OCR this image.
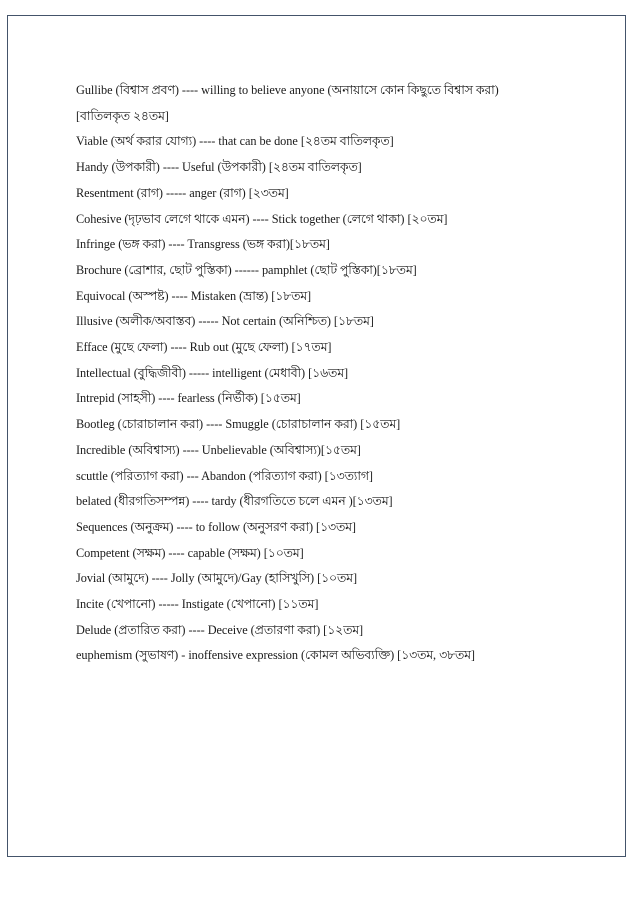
Gullibe (বিশ্বাস প্রবণ) ---- willing to believe anyone (অনায়াসে কোন কিছুতে বিশ্বাস করা)
[বাতিলকৃত ২৪তম]
Viable (অর্থ করার যোগ্য) ---- that can be done [২৪তম বাতিলকৃত]
Handy (উপকারী) ---- Useful (উপকারী) [২৪তম বাতিলকৃত]
Resentment (রাগ) ----- anger (রাগ) [২৩তম]
Cohesive (দৃঢ়ভাব লেগে থাকে এমন) ---- Stick together (লেগে থাকা) [২০তম]
Infringe (ভঙ্গ করা) ---- Transgress (ভঙ্গ করা)[১৮তম]
Brochure (ব্রোশার, ছোট পুস্তিকা) ------ pamphlet (ছোট পুস্তিকা)[১৮তম]
Equivocal (অস্পষ্ট) ---- Mistaken (ভ্রান্ত) [১৮তম]
Illusive (অলীক/অবাস্তব) ----- Not certain (অনিশ্চিত) [১৮তম]
Efface (মুছে ফেলা) ---- Rub out (মুছে ফেলা) [১৭তম]
Intellectual (বুদ্ধিজীবী) ----- intelligent (মেধাবী) [১৬তম]
Intrepid (সাহসী) ---- fearless (নির্ভীক) [১৫তম]
Bootleg (চোরাচালান করা) ---- Smuggle (চোরাচালান করা) [১৫তম]
Incredible (অবিশ্বাস্য) ---- Unbelievable (অবিশ্বাস্য)[১৫তম]
scuttle (পরিত্যাগ করা) --- Abandon (পরিত্যাগ করা) [১৩ত্যাগ]
belated (ধীরগতিসম্পন্ন) ---- tardy (ধীরগতিতে চলে এমন )[১৩তম]
Sequences (অনুক্রম) ---- to follow (অনুসরণ করা) [১৩তম]
Competent (সক্ষম) ---- capable (সক্ষম) [১০তম]
Jovial (আমুদে) ---- Jolly (আমুদে)/Gay (হাসিখুসি) [১০তম]
Incite (খেপানো) ----- Instigate (খেপানো) [১১তম]
Delude (প্রতারিত করা) ---- Deceive (প্রতারণা করা) [১২তম]
euphemism (সুভাষণ) - inoffensive expression (কোমল অভিব্যক্তি) [১৩তম, ৩৮তম]
